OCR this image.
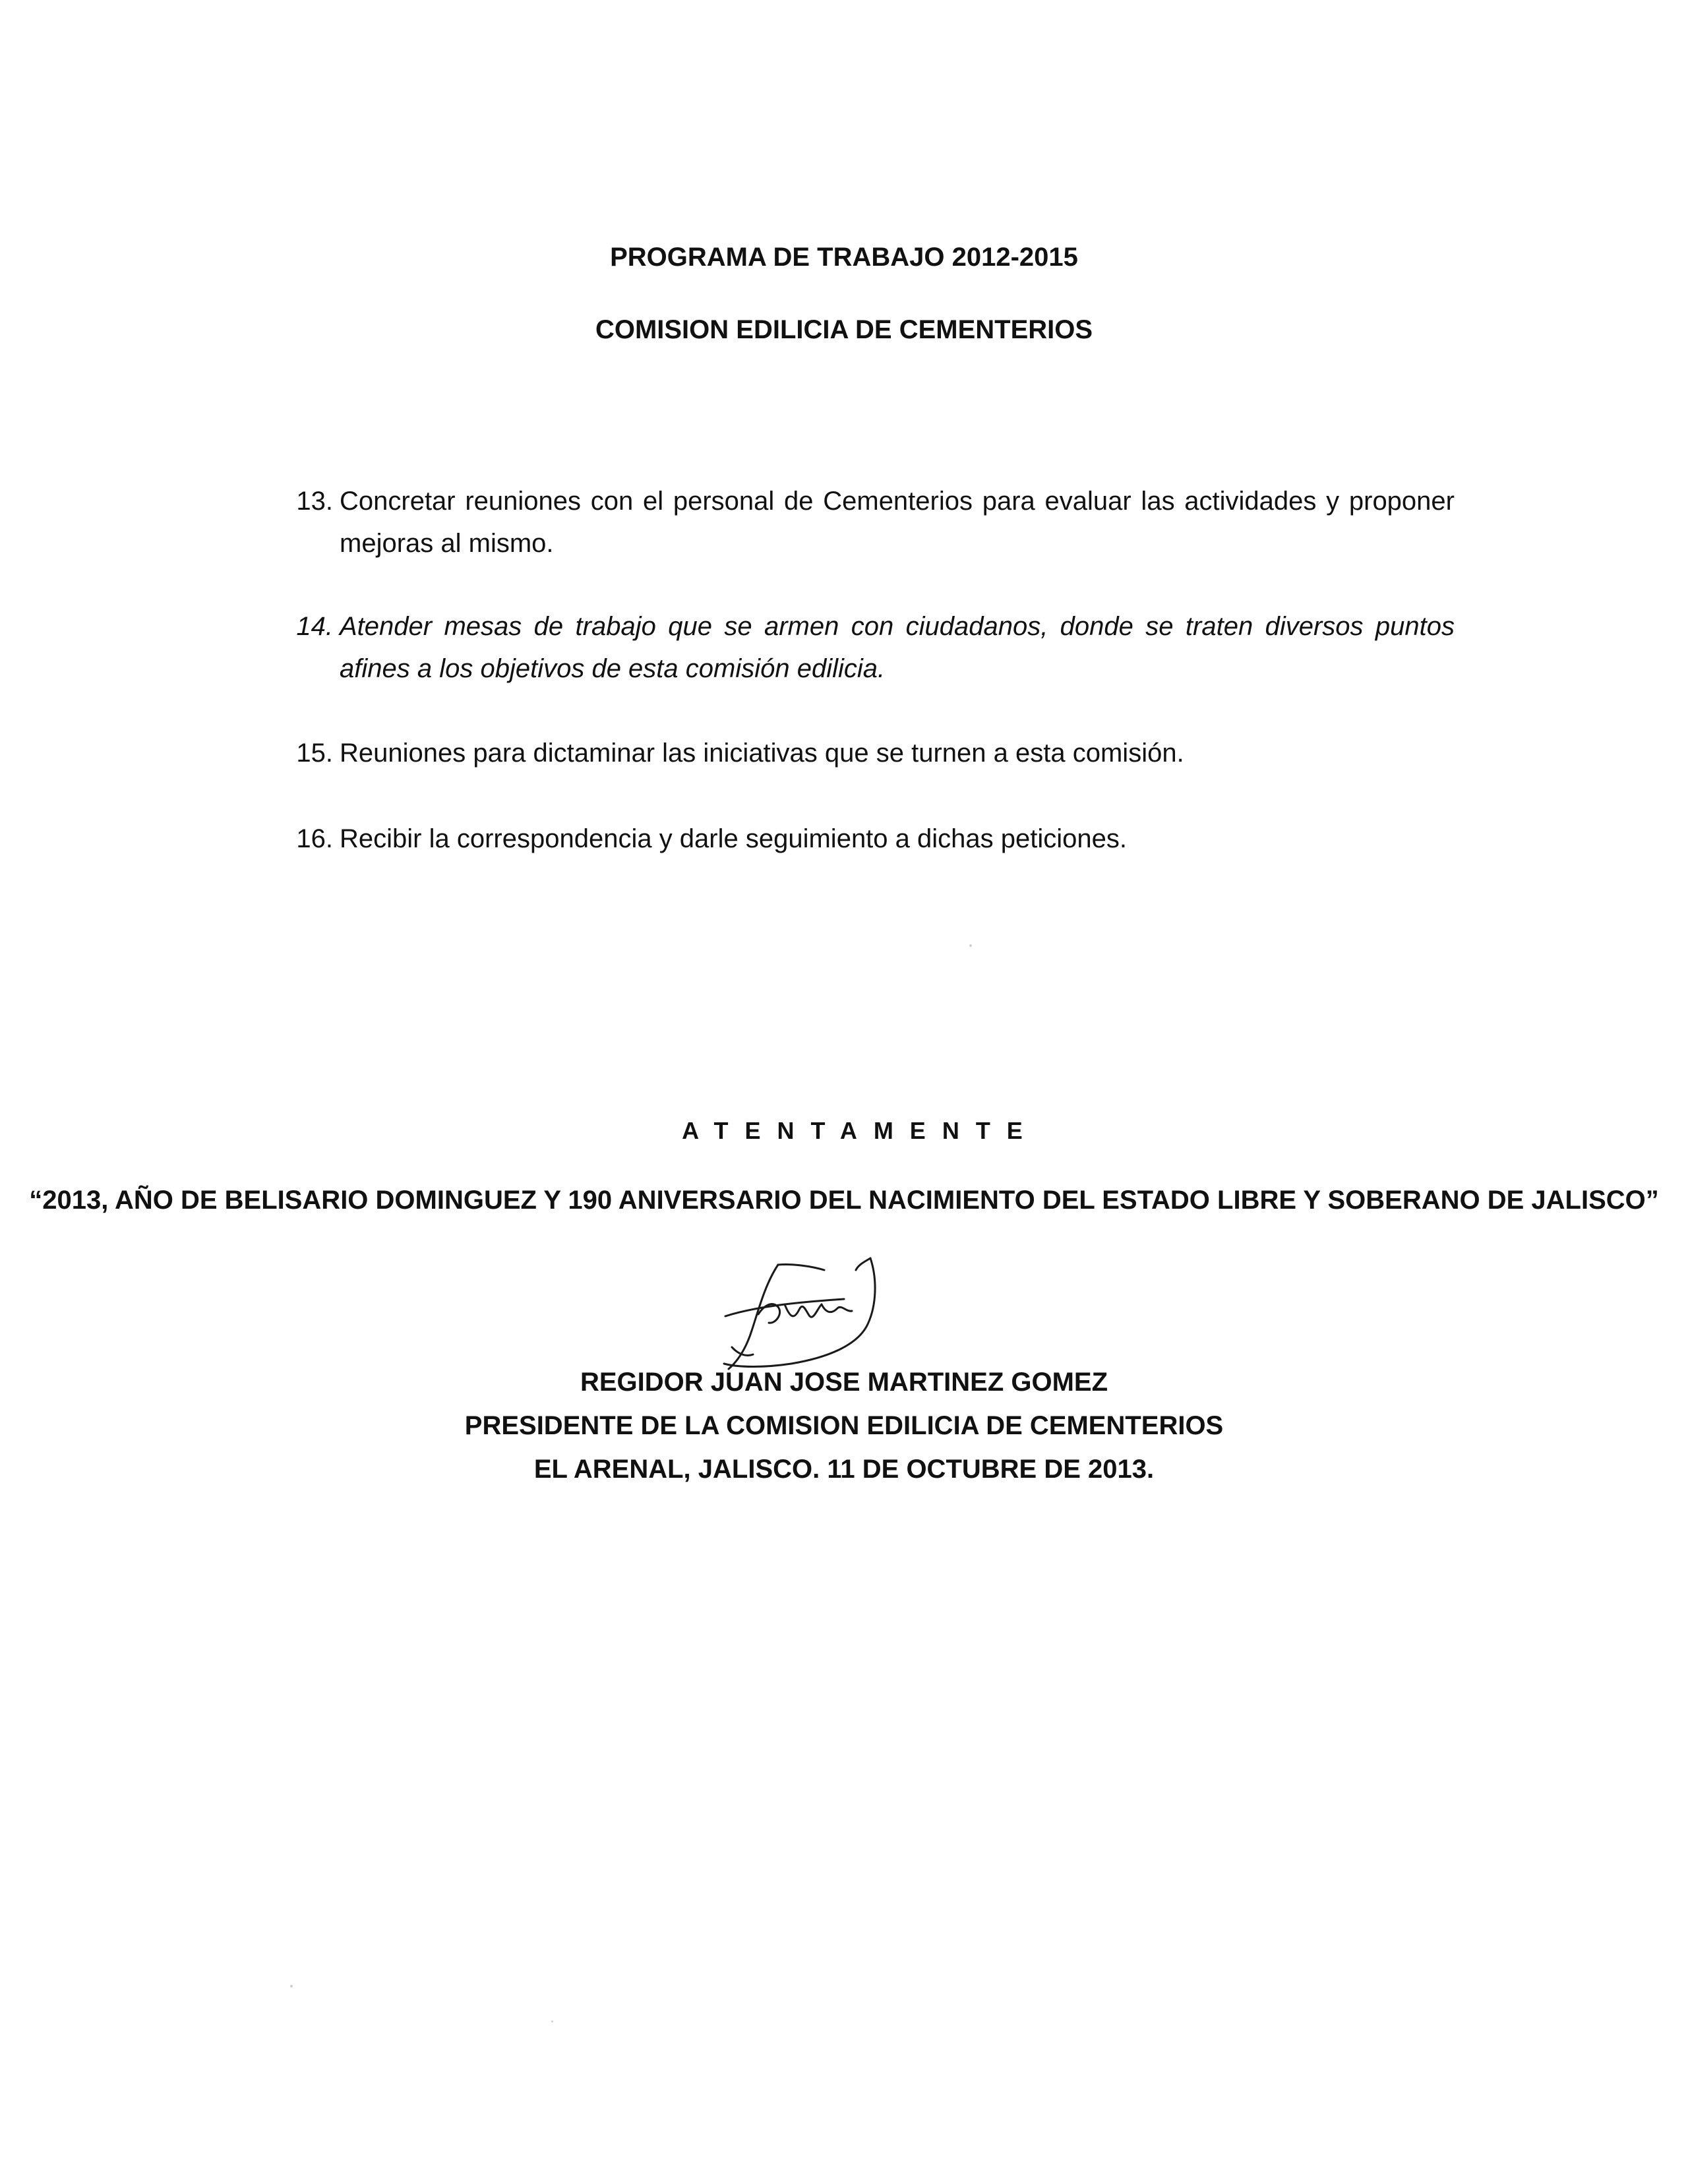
PROGRAMA DE TRABAJO 2012-2015
COMISION EDILICIA DE CEMENTERIOS
13. Concretar reuniones con el personal de Cementerios para evaluar las actividades y proponer mejoras al mismo.
14. Atender mesas de trabajo que se armen con ciudadanos, donde se traten diversos puntos afines a los objetivos de esta comisión edilicia.
15. Reuniones para dictaminar las iniciativas que se turnen a esta comisión.
16. Recibir la correspondencia y darle seguimiento a dichas peticiones.
ATENTAMENTE
“2013, AÑO DE BELISARIO DOMINGUEZ Y 190 ANIVERSARIO DEL NACIMIENTO DEL ESTADO LIBRE Y SOBERANO DE JALISCO”
REGIDOR JUAN JOSE MARTINEZ GOMEZ
PRESIDENTE DE LA COMISION EDILICIA DE CEMENTERIOS
EL ARENAL, JALISCO. 11 DE OCTUBRE DE 2013.
